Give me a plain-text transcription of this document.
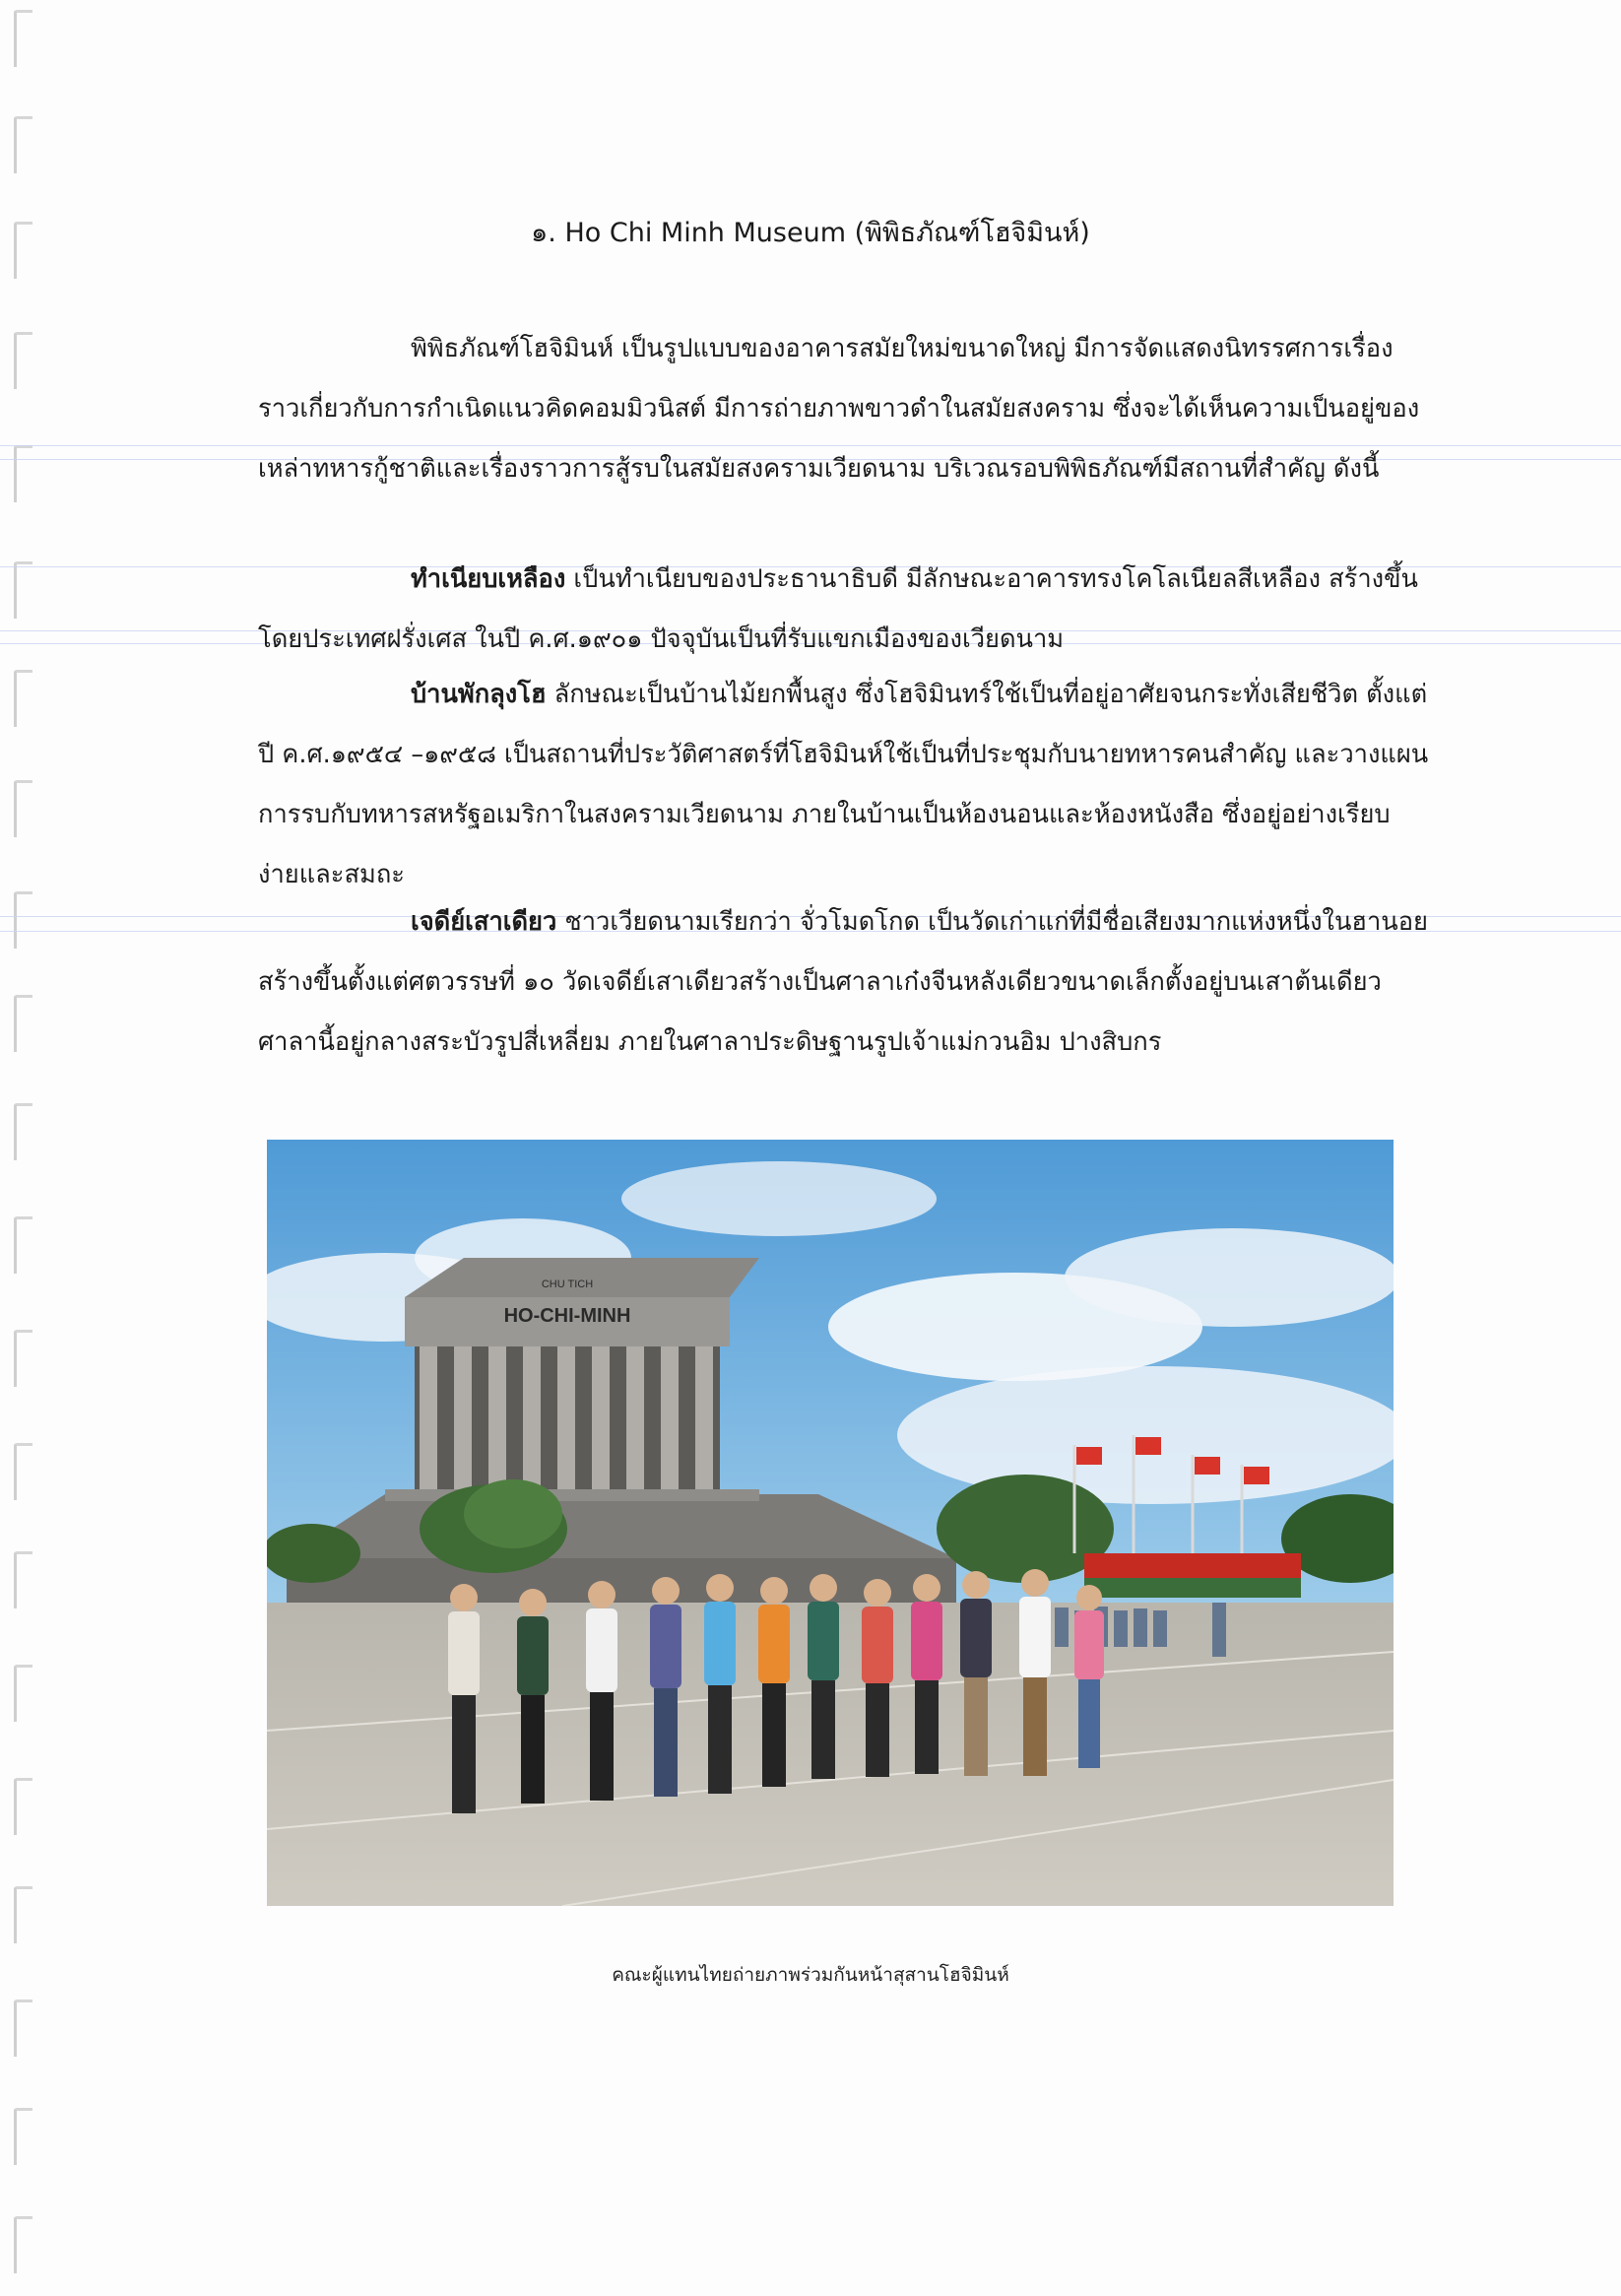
๑. Ho Chi Minh Museum (พิพิธภัณฑ์โฮจิมินห์)

พิพิธภัณฑ์โฮจิมินห์ เป็นรูปแบบของอาคารสมัยใหม่ขนาดใหญ่ มีการจัดแสดงนิทรรศการเรื่องราวเกี่ยวกับการกำเนิดแนวคิดคอมมิวนิสต์ มีการถ่ายภาพขาวดำในสมัยสงคราม ซึ่งจะได้เห็นความเป็นอยู่ของเหล่าทหารกู้ชาติและเรื่องราวการสู้รบในสมัยสงครามเวียดนาม บริเวณรอบพิพิธภัณฑ์มีสถานที่สำคัญ ดังนี้

ทำเนียบเหลือง เป็นทำเนียบของประธานาธิบดี มีลักษณะอาคารทรงโคโลเนียลสีเหลือง สร้างขึ้นโดยประเทศฝรั่งเศส ในปี ค.ศ.๑๙๐๑ ปัจจุบันเป็นที่รับแขกเมืองของเวียดนาม

บ้านพักลุงโฮ ลักษณะเป็นบ้านไม้ยกพื้นสูง ซึ่งโฮจิมินทร์ใช้เป็นที่อยู่อาศัยจนกระทั่งเสียชีวิต ตั้งแต่ปี ค.ศ.๑๙๕๔ –๑๙๕๘ เป็นสถานที่ประวัติศาสตร์ที่โฮจิมินห์ใช้เป็นที่ประชุมกับนายทหารคนสำคัญ และวางแผนการรบกับทหารสหรัฐอเมริกาในสงครามเวียดนาม ภายในบ้านเป็นห้องนอนและห้องหนังสือ ซึ่งอยู่อย่างเรียบง่ายและสมถะ

เจดีย์เสาเดียว ชาวเวียดนามเรียกว่า จั่วโมดโกด เป็นวัดเก่าแก่ที่มีชื่อเสียงมากแห่งหนึ่งในฮานอย สร้างขึ้นตั้งแต่ศตวรรษที่ ๑๐ วัดเจดีย์เสาเดียวสร้างเป็นศาลาเก๋งจีนหลังเดียวขนาดเล็กตั้งอยู่บนเสาต้นเดียว ศาลานี้อยู่กลางสระบัวรูปสี่เหลี่ยม ภายในศาลาประดิษฐานรูปเจ้าแม่กวนอิม ปางสิบกร

CHU TICH
HO-CHI-MINH
คณะผู้แทนไทยถ่ายภาพร่วมกันหน้าสุสานโฮจิมินห์
